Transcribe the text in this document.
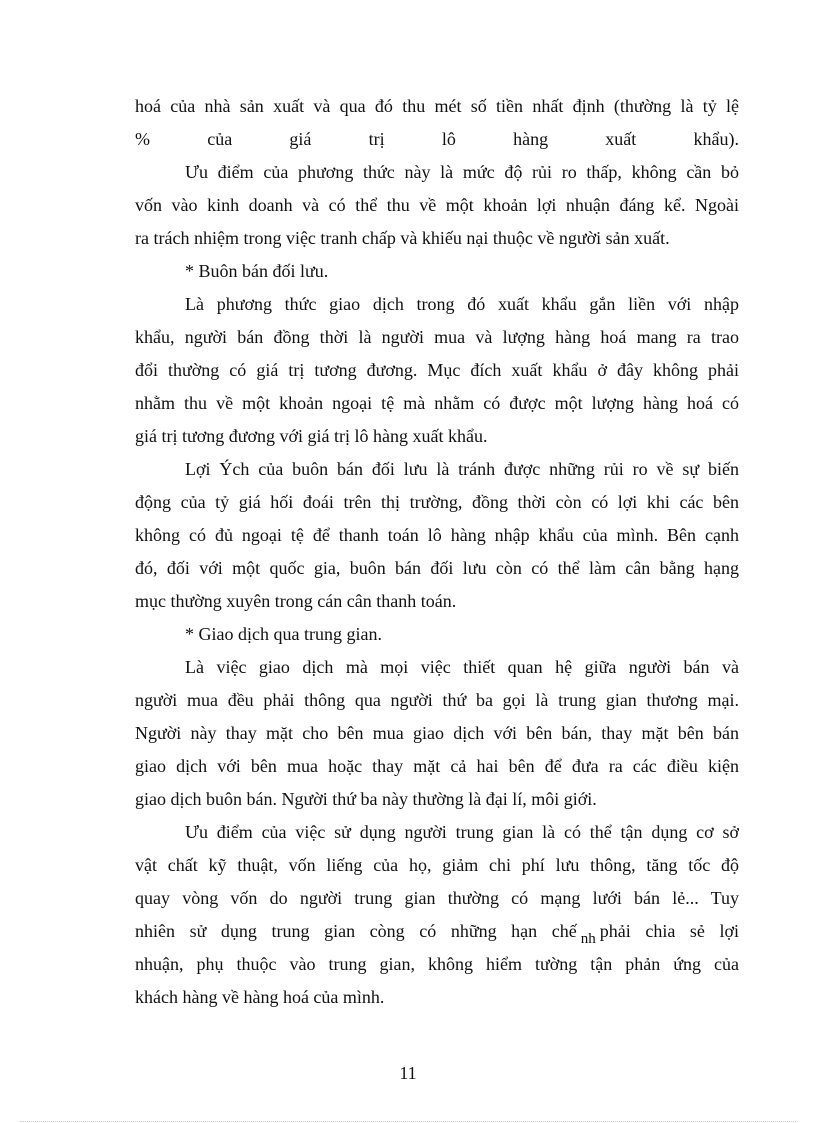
hoá của nhà sản xuất và qua đó thu mét số tiền nhất định (thường là tỷ lệ
% của giá trị lô hàng xuất khẩu).
Ưu điểm của phương thức này là mức độ rủi ro thấp, không cần bỏ
vốn vào kinh doanh và có thể thu về một khoản lợi nhuận đáng kể. Ngoài
ra trách nhiệm trong việc tranh chấp và khiếu nại thuộc về người sản xuất.
* Buôn bán đối lưu.
Là phương thức giao dịch trong đó xuất khẩu gắn liền với nhập
khẩu, người bán đồng thời là người mua và lượng hàng hoá mang ra trao
đổi thường có giá trị tương đương. Mục đích xuất khẩu ở đây không phải
nhằm thu về một khoản ngoại tệ mà nhằm có được một lượng hàng hoá có
giá trị tương đương với giá trị lô hàng xuất khẩu.
Lợi Ých của buôn bán đối lưu là tránh được những rủi ro về sự biến
động của tỷ giá hối đoái trên thị trường, đồng thời còn có lợi khi các bên
không có đủ ngoại tệ để thanh toán lô hàng nhập khẩu của mình. Bên cạnh
đó, đối với một quốc gia, buôn bán đối lưu còn có thể làm cân bằng hạng
mục thường xuyên trong cán cân thanh toán.
* Giao dịch qua trung gian.
Là việc giao dịch mà mọi việc thiết quan hệ giữa người bán và
người mua đều phải thông qua người thứ ba gọi là trung gian thương mại.
Người này thay mặt cho bên mua giao dịch với bên bán, thay mặt bên bán
giao dịch với bên mua hoặc thay mặt cả hai bên để đưa ra các điều kiện
giao dịch buôn bán. Người thứ ba này thường là đại lí, môi giới.
Ưu điểm của việc sử dụng người trung gian là có thể tận dụng cơ sở
vật chất kỹ thuật, vốn liếng của họ, giảm chi phí lưu thông, tăng tốc độ
quay vòng vốn do người trung gian thường có mạng lưới bán lẻ... Tuy
nhiên sử dụng trung gian còng có những hạn chế $_{nh}$ phải chia sẻ lợi
nhuận, phụ thuộc vào trung gian, không hiểm tường tận phản ứng của
khách hàng về hàng hoá của mình.
11
